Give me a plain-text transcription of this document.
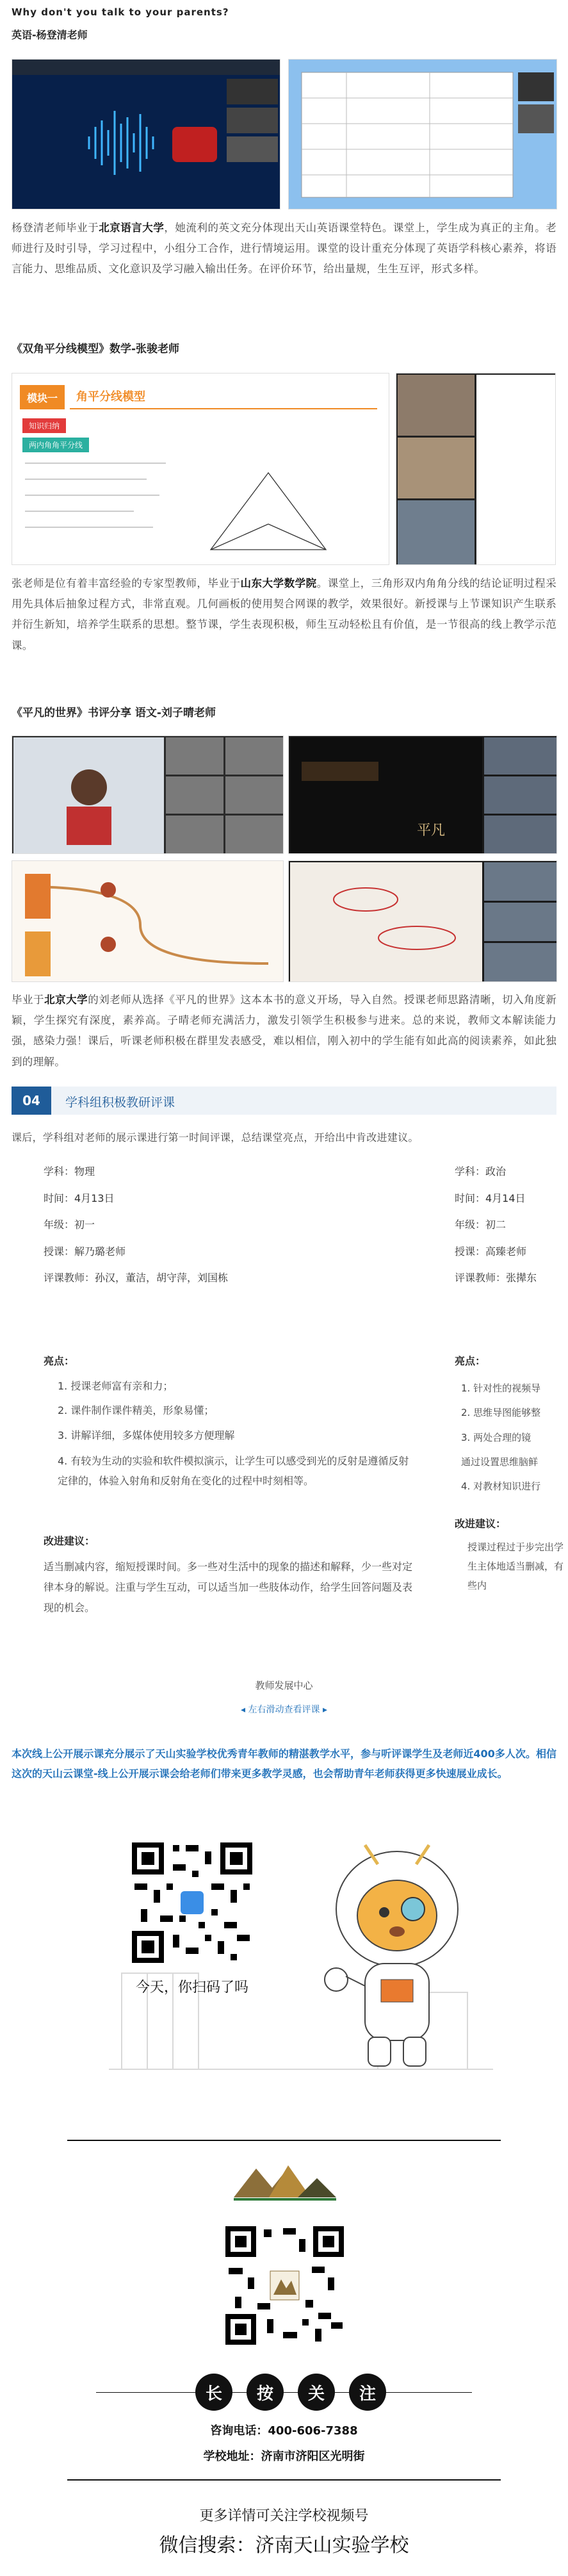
Why don't you talk to your parents?
英语-杨登清老师
杨登清老师毕业于北京语言大学，她流利的英文充分体现出天山英语课堂特色。课堂上，学生成为真正的主角。老师进行及时引导，学习过程中，小组分工合作，进行情境运用。课堂的设计重充分体现了英语学科核心素养，将语言能力、思维品质、文化意识及学习融入输出任务。在评价环节，给出量规，生生互评，形式多样。
《双角平分线模型》数学-张骏老师
模块一	角平分线模型
知识归纳
两内角角平分线
张老师是位有着丰富经验的专家型教师，毕业于山东大学数学院。课堂上，三角形双内角角分线的结论证明过程采用先具体后抽象过程方式，非常直观。几何画板的使用契合网课的教学，效果很好。新授课与上节课知识产生联系并衍生新知，培养学生联系的思想。整节课，学生表现积极，师生互动轻松且有价值，是一节很高的线上教学示范课。
《平凡的世界》书评分享 语文-刘子晴老师
平凡
毕业于北京大学的刘老师从选择《平凡的世界》这本本书的意义开场，导入自然。授课老师思路清晰，切入角度新颖，学生探究有深度，素养高。子晴老师充满活力，激发引领学生积极参与进来。总的来说，教师文本解读能力强，感染力强！课后，听课老师积极在群里发表感受，难以相信，刚入初中的学生能有如此高的阅读素养，如此独到的理解。
04	学科组积极教研评课
课后，学科组对老师的展示课进行第一时间评课，总结课堂亮点，开给出中肯改进建议。
学科：物理
时间：4月13日
年级：初一
授课：解乃璐老师
评课教师：孙汉，董洁，胡守萍，刘国栋
亮点：
1. 授课老师富有亲和力；
2. 课件制作课件精美，形象易懂；
3. 讲解详细，多媒体使用较多方便理解
4. 有较为生动的实验和软件模拟演示，让学生可以感受到光的反射是遵循反射定律的，体验入射角和反射角在变化的过程中时刻相等。
改进建议：
适当删减内容，缩短授课时间。多一些对生活中的现象的描述和解释，少一些对定律本身的解说。注重与学生互动，可以适当加一些肢体动作，给学生回答问题及表现的机会。
学科：政治
时间：4月14日
年级：初二
授课：高臻老师
评课教师：张撵东
亮点：
1. 针对性的视频导
2. 思维导图能够整
3. 两处合理的镜
通过设置思维脑鲜
4. 对教材知识进行
改进建议：
授课过程过于步完出学生主体地适当删减，有些内
教师发展中心
◂ 左右滑动查看评课 ▸
本次线上公开展示课充分展示了天山实验学校优秀青年教师的精湛教学水平，参与听评课学生及老师近400多人次。相信这次的天山云课堂-线上公开展示课会给老师们带来更多教学灵感，也会帮助青年老师获得更多快速展业成长。
今天，你扫码了吗
长	按	关	注
咨询电话：400-606-7388
学校地址：济南市济阳区光明街
更多详情可关注学校视频号
微信搜索：济南天山实验学校
